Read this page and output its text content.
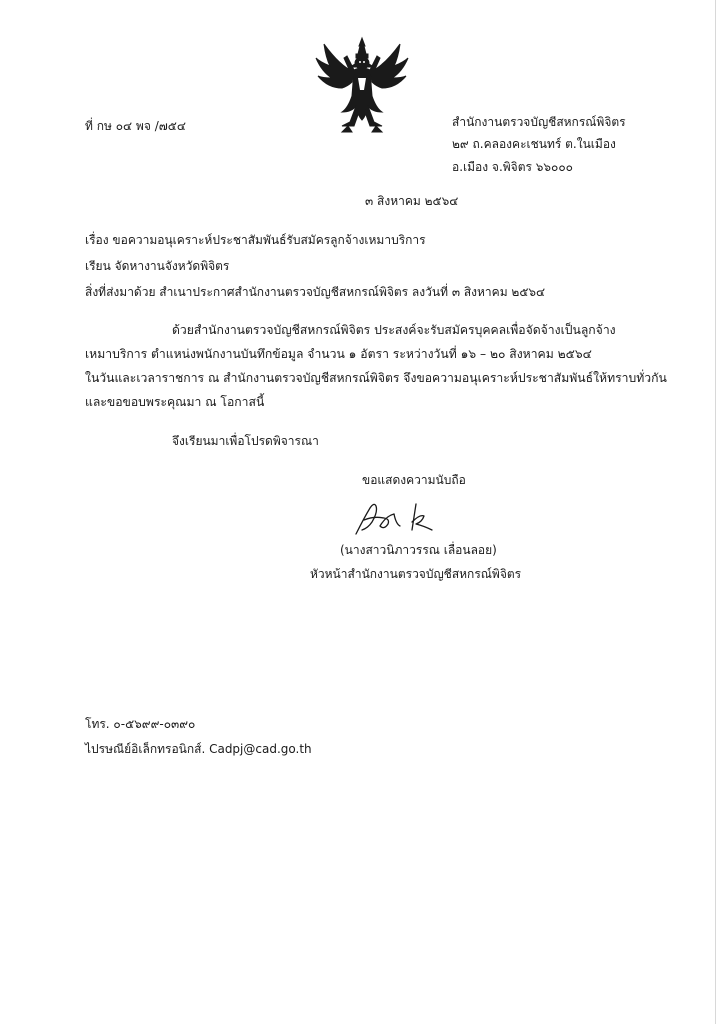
ที่ กษ ๐๔ พจ /๗๕๔	สำนักงานตรวจบัญชีสหกรณ์พิจิตร
๒๙ ถ.คลองคะเชนทร์ ต.ในเมือง
อ.เมือง จ.พิจิตร ๖๖๐๐๐
๓ สิงหาคม ๒๕๖๔
เรื่อง ขอความอนุเคราะห์ประชาสัมพันธ์รับสมัครลูกจ้างเหมาบริการ
เรียน จัดหางานจังหวัดพิจิตร
สิ่งที่ส่งมาด้วย สำเนาประกาศสำนักงานตรวจบัญชีสหกรณ์พิจิตร ลงวันที่ ๓ สิงหาคม ๒๕๖๔
ด้วยสำนักงานตรวจบัญชีสหกรณ์พิจิตร ประสงค์จะรับสมัครบุคคลเพื่อจัดจ้างเป็นลูกจ้าง
เหมาบริการ ตำแหน่งพนักงานบันทึกข้อมูล จำนวน ๑ อัตรา ระหว่างวันที่ ๑๖ – ๒๐ สิงหาคม ๒๕๖๔
ในวันและเวลาราชการ ณ สำนักงานตรวจบัญชีสหกรณ์พิจิตร จึงขอความอนุเคราะห์ประชาสัมพันธ์ให้ทราบทั่วกัน
และขอขอบพระคุณมา ณ โอกาสนี้
จึงเรียนมาเพื่อโปรดพิจารณา
ขอแสดงความนับถือ
(นางสาวนิภาวรรณ เลื่อนลอย)
หัวหน้าสำนักงานตรวจบัญชีสหกรณ์พิจิตร
โทร. ๐-๕๖๙๙-๐๓๙๐
ไปรษณีย์อิเล็กทรอนิกส์. Cadpj@cad.go.th
